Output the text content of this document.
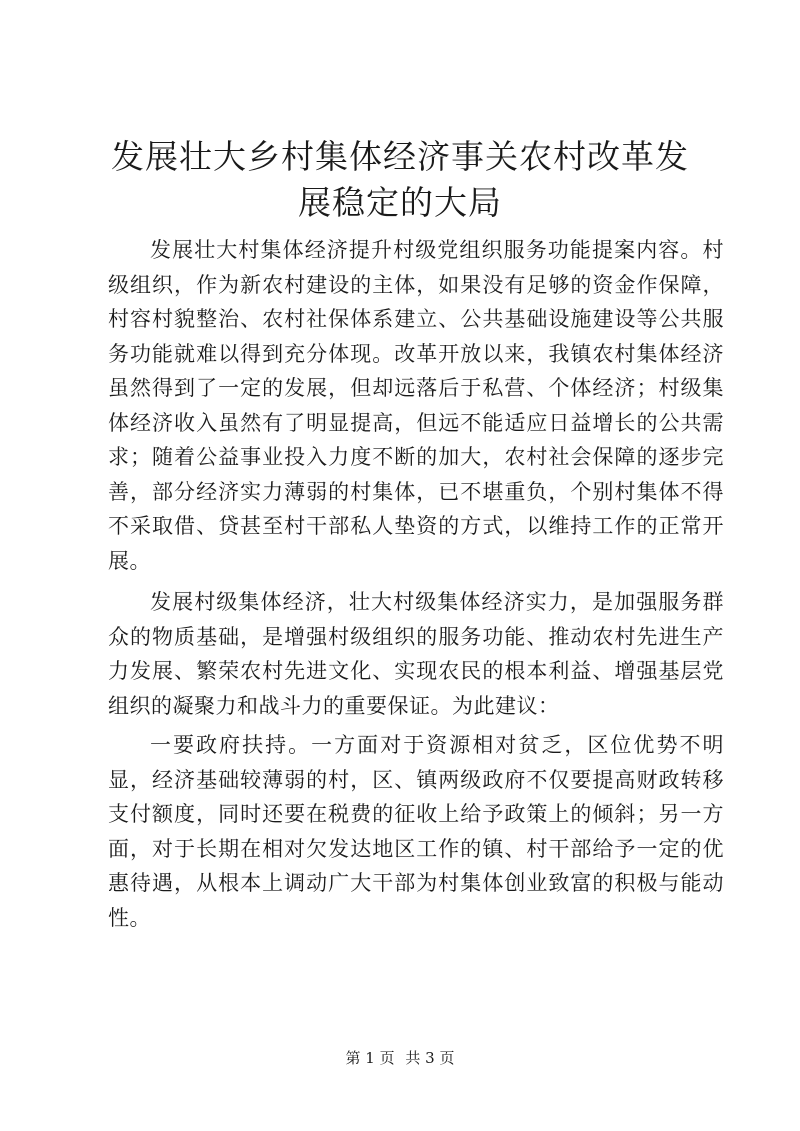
发展壮大乡村集体经济事关农村改革发展稳定的大局

发展壮大村集体经济提升村级党组织服务功能提案内容。村级组织，作为新农村建设的主体，如果没有足够的资金作保障，村容村貌整治、农村社保体系建立、公共基础设施建设等公共服务功能就难以得到充分体现。改革开放以来，我镇农村集体经济虽然得到了一定的发展，但却远落后于私营、个体经济；村级集体经济收入虽然有了明显提高，但远不能适应日益增长的公共需求；随着公益事业投入力度不断的加大，农村社会保障的逐步完善，部分经济实力薄弱的村集体，已不堪重负，个别村集体不得不采取借、贷甚至村干部私人垫资的方式，以维持工作的正常开展。

发展村级集体经济，壮大村级集体经济实力，是加强服务群众的物质基础，是增强村级组织的服务功能、推动农村先进生产力发展、繁荣农村先进文化、实现农民的根本利益、增强基层党组织的凝聚力和战斗力的重要保证。为此建议：

一要政府扶持。一方面对于资源相对贫乏，区位优势不明显，经济基础较薄弱的村，区、镇两级政府不仅要提高财政转移支付额度，同时还要在税费的征收上给予政策上的倾斜；另一方面，对于长期在相对欠发达地区工作的镇、村干部给予一定的优惠待遇，从根本上调动广大干部为村集体创业致富的积极与能动性。

第 1 页 共 3 页
